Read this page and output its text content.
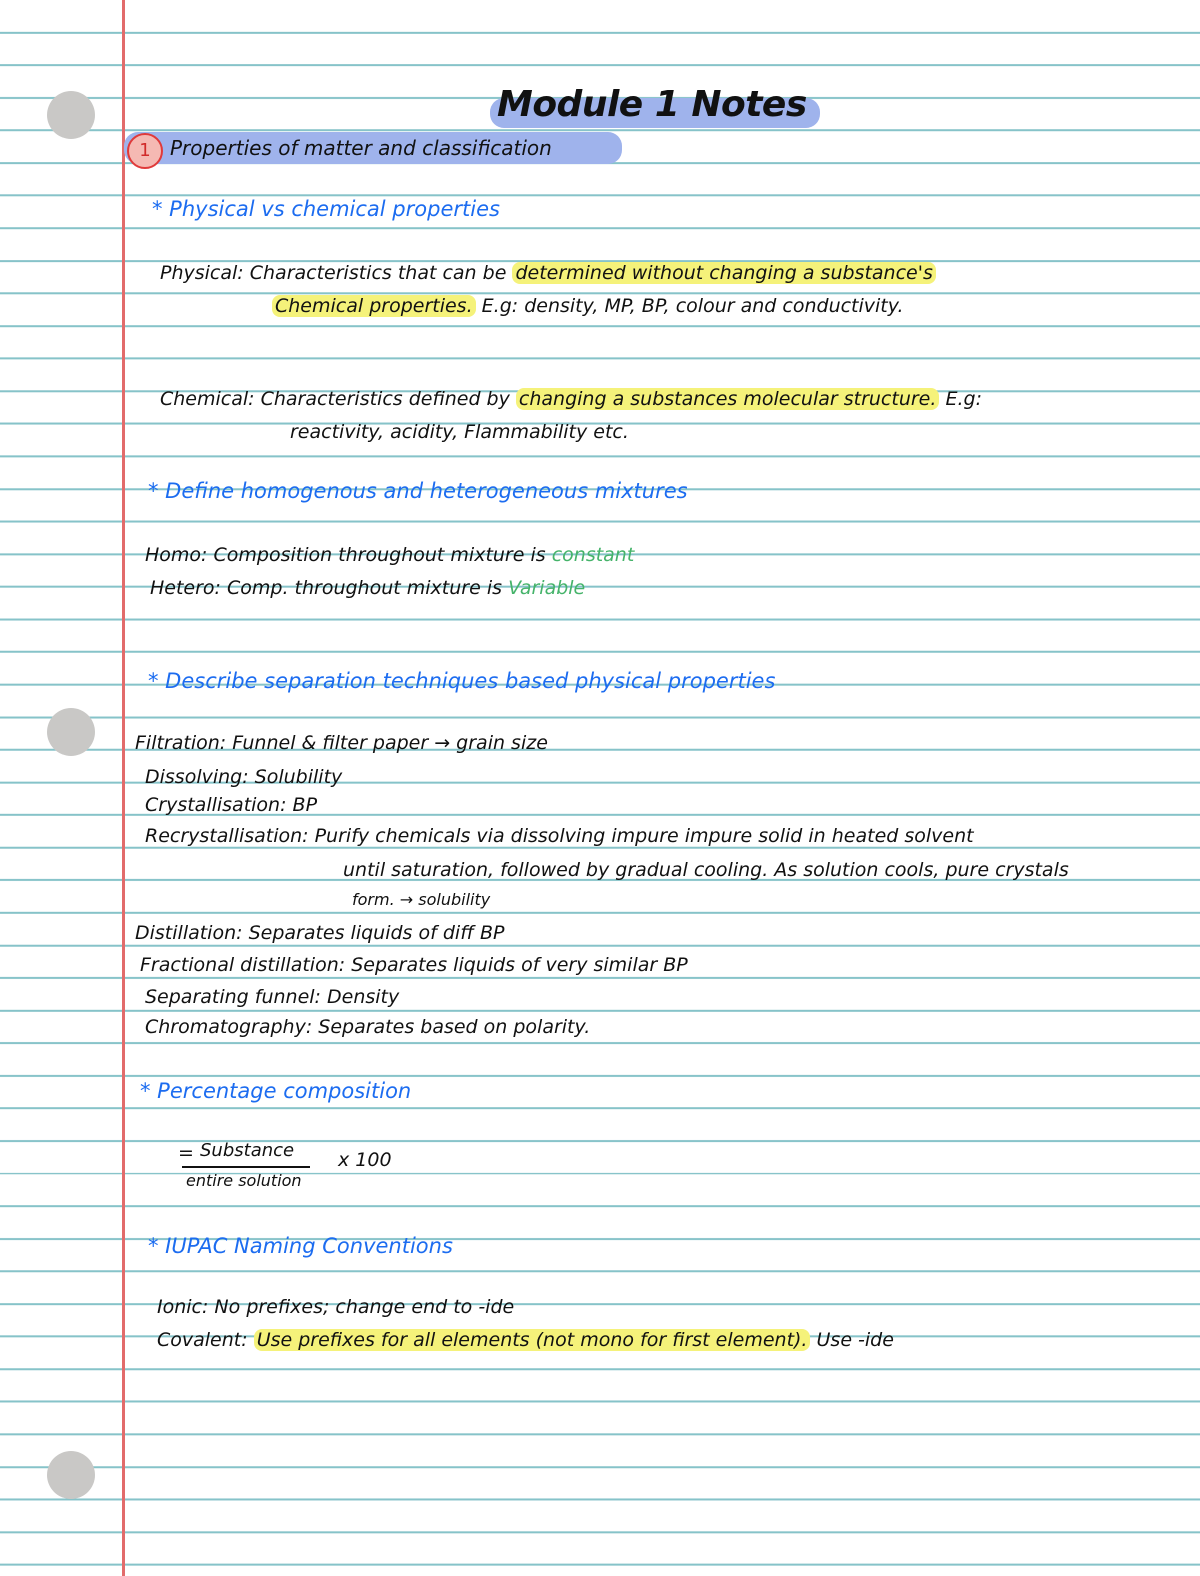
Module 1 Notes
1 Properties of matter and classification
* Physical vs chemical properties
Physical: Characteristics that can be determined without changing a substance's
Chemical properties. E.g: density, MP, BP, colour and conductivity.
Chemical: Characteristics defined by changing a substances molecular structure. E.g:
reactivity, acidity, Flammability etc.
* Define homogenous and heterogeneous mixtures
Homo: Composition throughout mixture is constant
Hetero: Comp. throughout mixture is Variable
* Describe separation techniques based physical properties
Filtration: Funnel & filter paper → grain size
Dissolving: Solubility
Crystallisation: BP
Recrystallisation: Purify chemicals via dissolving impure impure solid in heated solvent
until saturation, followed by gradual cooling. As solution cools, pure crystals
form. → solubility
Distillation: Separates liquids of diff BP
Fractional distillation: Separates liquids of very similar BP
Separating funnel: Density
Chromatography: Separates based on polarity.
* Percentage composition
= Substance
entire solution
x 100
* IUPAC Naming Conventions
Ionic: No prefixes; change end to -ide
Covalent: Use prefixes for all elements (not mono for first element). Use -ide
